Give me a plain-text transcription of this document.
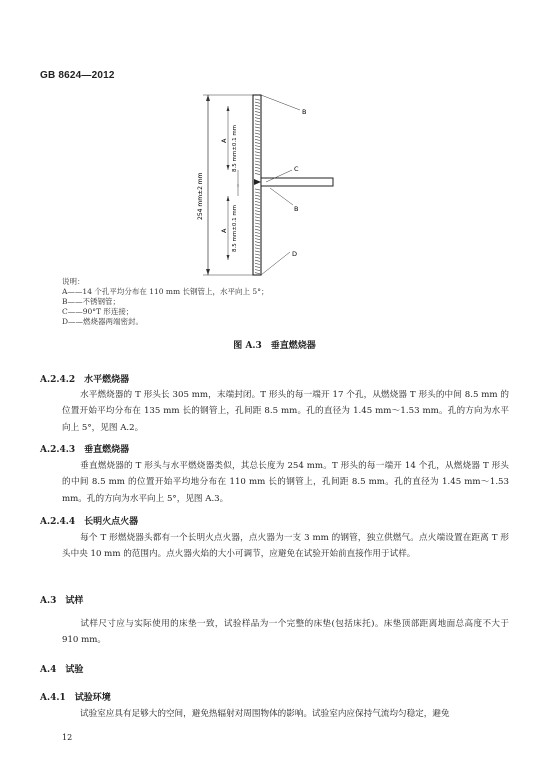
GB 8624—2012
254 mm±2 mm
A
A
8.5 mm±0.1 mm
8.5 mm±0.1 mm
B
C
B
D
说明：
A——14 个孔平均分布在 110 mm 长钢管上，水平向上 5°；
B——不锈钢管；
C——90°T 形连接；
D——燃烧器两端密封。
图 A.3　垂直燃烧器
A.2.4.2　水平燃烧器
水平燃烧器的 T 形头长 305 mm，末端封闭。T 形头的每一端开 17 个孔，从燃烧器 T 形头的中间 8.5 mm 的位置开始平均分布在 135 mm 长的钢管上，孔间距 8.5 mm。孔的直径为 1.45 mm～1.53 mm。孔的方向为水平向上 5°，见图 A.2。
A.2.4.3　垂直燃烧器
垂直燃烧器的 T 形头与水平燃烧器类似，其总长度为 254 mm。T 形头的每一端开 14 个孔，从燃烧器 T 形头的中间 8.5 mm 的位置开始平均地分布在 110 mm 长的钢管上，孔间距 8.5 mm。孔的直径为 1.45 mm～1.53 mm。孔的方向为水平向上 5°，见图 A.3。
A.2.4.4　长明火点火器
每个 T 形燃烧器头都有一个长明火点火器，点火器为一支 3 mm 的钢管，独立供燃气。点火端设置在距离 T 形头中央 10 mm 的范围内。点火器火焰的大小可调节，应避免在试验开始前直接作用于试样。
A.3　试样
试样尺寸应与实际使用的床垫一致，试验样品为一个完整的床垫(包括床托)。床垫顶部距离地面总高度不大于 910 mm。
A.4　试验
A.4.1　试验环境
试验室应具有足够大的空间，避免热辐射对周围物体的影响。试验室内应保持气流均匀稳定，避免
12
